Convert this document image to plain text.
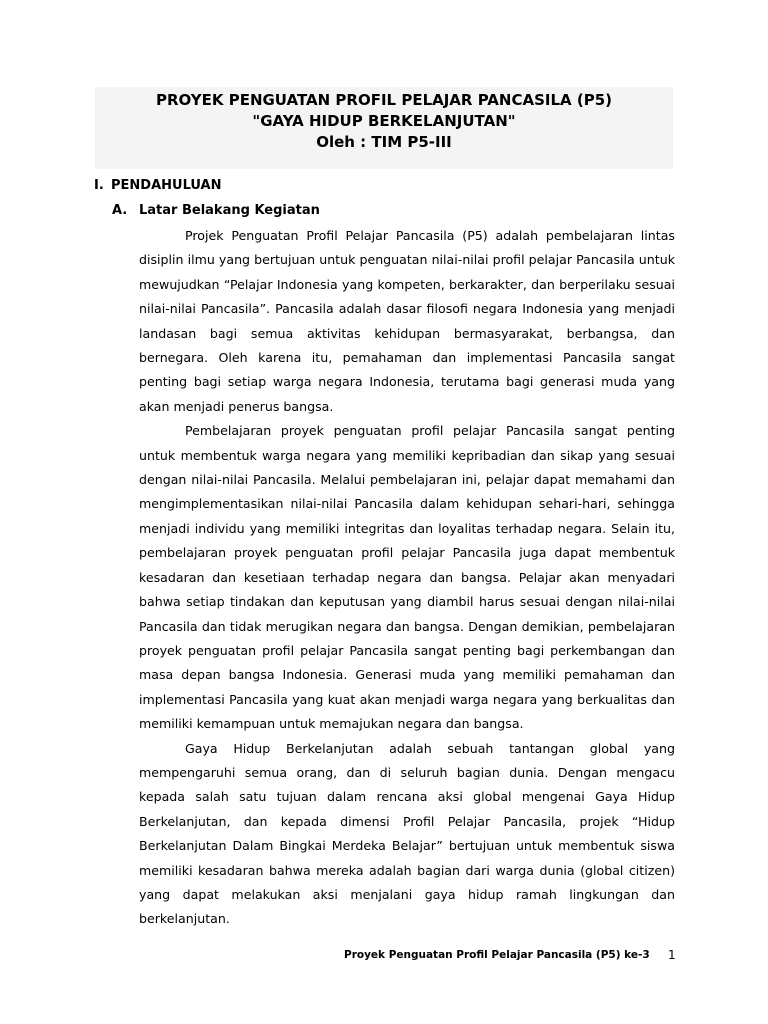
PROYEK PENGUATAN PROFIL PELAJAR PANCASILA (P5)
"GAYA HIDUP BERKELANJUTAN"
Oleh : TIM P5-III
I. PENDAHULUAN
A. Latar Belakang Kegiatan

Projek Penguatan Profil Pelajar Pancasila (P5) adalah pembelajaran lintas disiplin ilmu yang bertujuan untuk penguatan nilai-nilai profil pelajar Pancasila untuk mewujudkan “Pelajar Indonesia yang kompeten, berkarakter, dan berperilaku sesuai nilai-nilai Pancasila”. Pancasila adalah dasar filosofi negara Indonesia yang menjadi landasan bagi semua aktivitas kehidupan bermasyarakat, berbangsa, dan bernegara. Oleh karena itu, pemahaman dan implementasi Pancasila sangat penting bagi setiap warga negara Indonesia, terutama bagi generasi muda yang akan menjadi penerus bangsa.

Pembelajaran proyek penguatan profil pelajar Pancasila sangat penting untuk membentuk warga negara yang memiliki kepribadian dan sikap yang sesuai dengan nilai-nilai Pancasila. Melalui pembelajaran ini, pelajar dapat memahami dan mengimplementasikan nilai-nilai Pancasila dalam kehidupan sehari-hari, sehingga menjadi individu yang memiliki integritas dan loyalitas terhadap negara. Selain itu, pembelajaran proyek penguatan profil pelajar Pancasila juga dapat membentuk kesadaran dan kesetiaan terhadap negara dan bangsa. Pelajar akan menyadari bahwa setiap tindakan dan keputusan yang diambil harus sesuai dengan nilai-nilai Pancasila dan tidak merugikan negara dan bangsa. Dengan demikian, pembelajaran proyek penguatan profil pelajar Pancasila sangat penting bagi perkembangan dan masa depan bangsa Indonesia. Generasi muda yang memiliki pemahaman dan implementasi Pancasila yang kuat akan menjadi warga negara yang berkualitas dan memiliki kemampuan untuk memajukan negara dan bangsa.

Gaya Hidup Berkelanjutan adalah sebuah tantangan global yang mempengaruhi semua orang, dan di seluruh bagian dunia. Dengan mengacu kepada salah satu tujuan dalam rencana aksi global mengenai Gaya Hidup Berkelanjutan, dan kepada dimensi Profil Pelajar Pancasila, projek “Hidup Berkelanjutan Dalam Bingkai Merdeka Belajar” bertujuan untuk membentuk siswa memiliki kesadaran bahwa mereka adalah bagian dari warga dunia (global citizen) yang dapat melakukan aksi menjalani gaya hidup ramah lingkungan dan berkelanjutan.

Proyek Penguatan Profil Pelajar Pancasila (P5) ke-3 1
